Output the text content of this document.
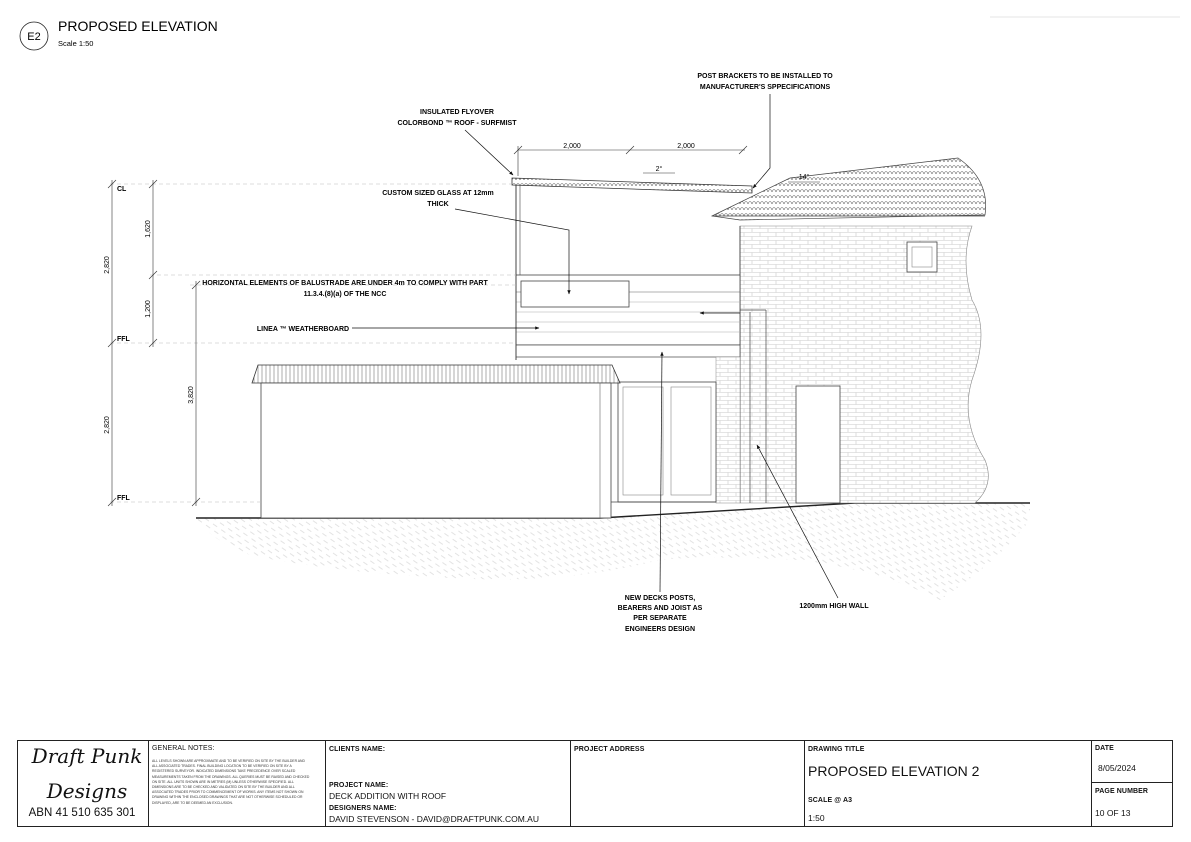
E2
PROPOSED ELEVATION
Scale 1:50
CL
FFL
FFL
2,820
1,620
1,200
2,820
3,820
2,000	2,000
2°
14°
POST BRACKETS TO BE INSTALLED TO
MANUFACTURER'S SPPECIFICATIONS
INSULATED FLYOVER
COLORBOND ™ ROOF - SURFMIST
CUSTOM SIZED GLASS AT 12mm
THICK
HORIZONTAL ELEMENTS OF BALUSTRADE ARE UNDER 4m TO COMPLY WITH PART
11.3.4.(8)(a) OF THE NCC
LINEA ™ WEATHERBOARD
NEW DECKS POSTS,
BEARERS AND JOIST AS
PER SEPARATE
ENGINEERS DESIGN
1200mm HIGH WALL
Draft Punk
Designs
ABN 41 510 635 301
GENERAL NOTES:
ALL LEVELS SHOWN ARE APPROXIMATE AND TO BE VERIFIED ON SITE BY THE BUILDER AND ALL ASSOCIATED TRADES. FINAL BUILDING LOCATION TO BE VERIFIED ON SITE BY A REGISTERED SURVEYOR. INDICATED DIMENSIONS TAKE PRECEDENCE OVER SCALED MEASUREMENTS TAKEN FROM THE DRAWINGS. ALL QUERIES MUST BE RAISED AND CHECKED ON SITE. ALL UNITS SHOWN ARE IN METRES (M) UNLESS OTHERWISE SPECIFIED. ALL DIMENSIONS ARE TO BE CHECKED AND VALIDATED ON SITE BY THE BUILDER AND ALL ASSOCIATED TRADES PRIOR TO COMMENCEMENT OF WORKS. ANY ITEMS NOT SHOWN ON DRAWING WITHIN THE ENCLOSED DRAWINGS THAT ARE NOT OTHERWISE SCHEDULED OR DISPLAYED, ARE TO BE DEEMED AN EXCLUSION.
CLIENTS NAME:
PROJECT NAME:
DECK ADDITION WITH ROOF
DESIGNERS NAME:
DAVID STEVENSON - DAVID@DRAFTPUNK.COM.AU
PROJECT ADDRESS	DRAWING TITLE
PROPOSED ELEVATION 2
SCALE @ A3
1:50
DATE
8/05/2024
PAGE NUMBER
10 OF 13
